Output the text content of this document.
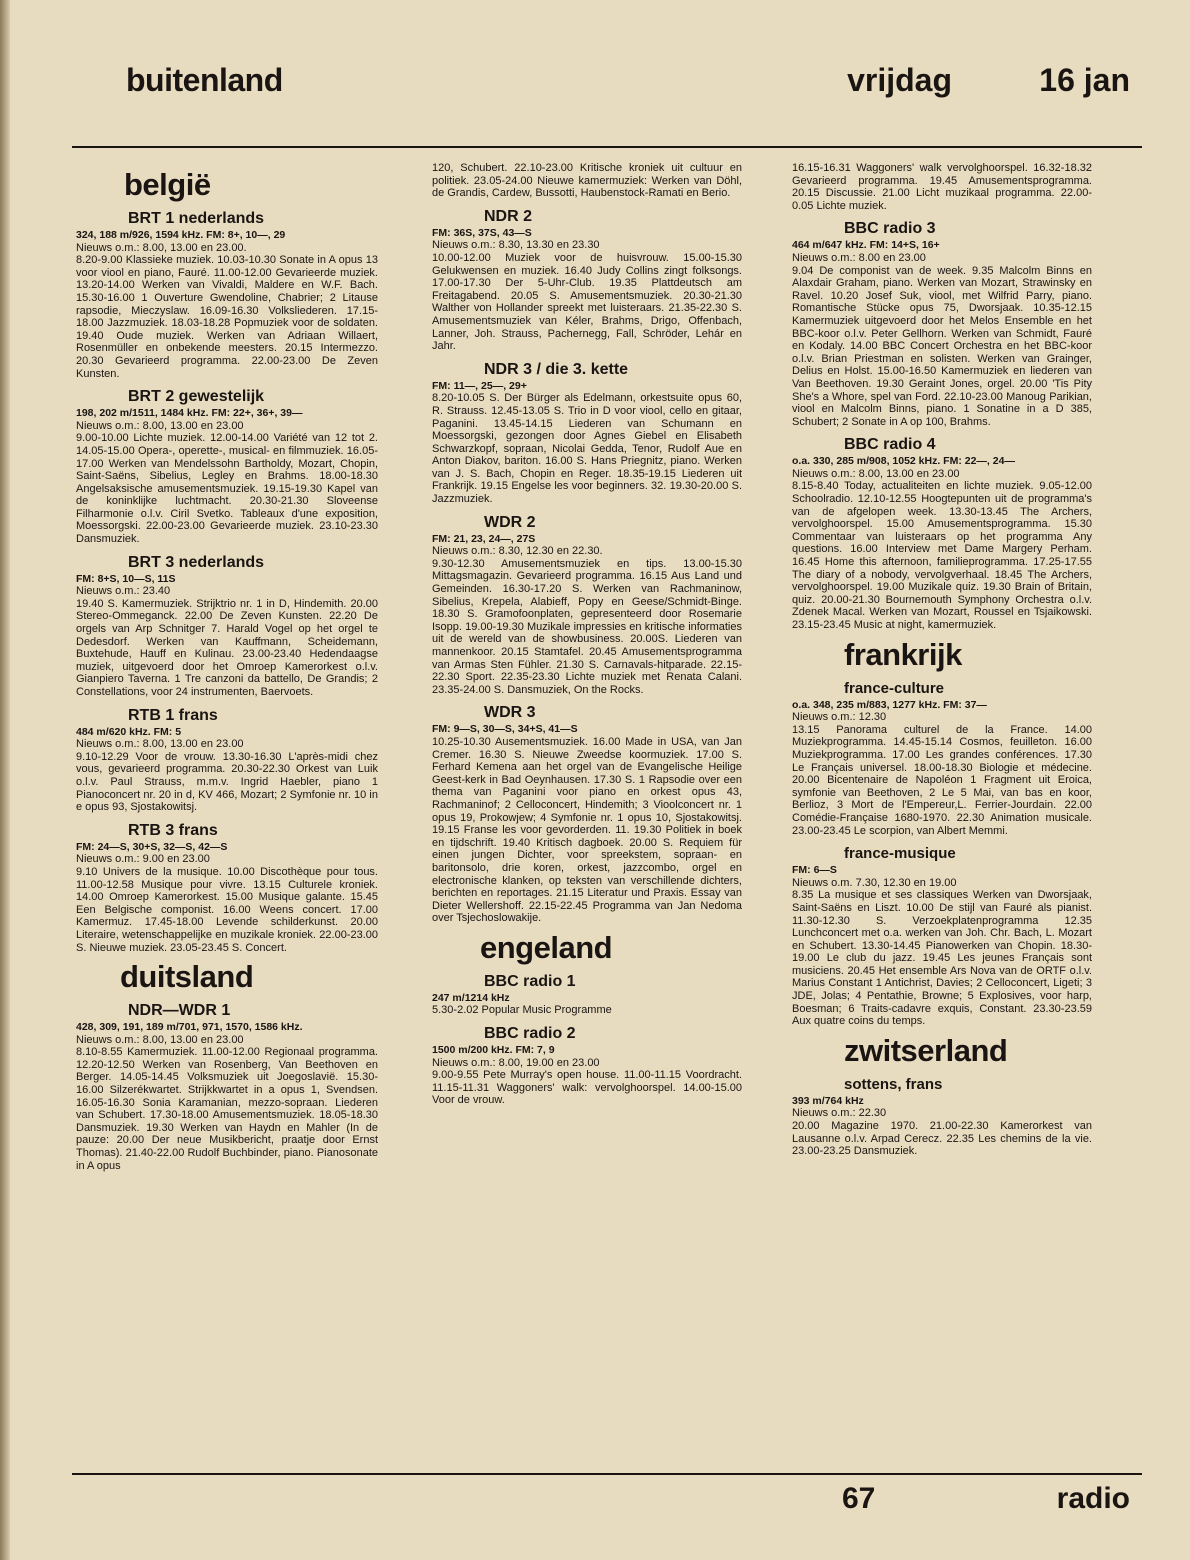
buitenland	vrijdag	16 jan
belgië
BRT 1 nederlands
324, 188 m/926, 1594 kHz. FM: 8+, 10—, 29
Nieuws o.m.: 8.00, 13.00 en 23.00.
8.20-9.00 Klassieke muziek. 10.03-10.30 Sonate in A opus 13 voor viool en piano, Fauré. 11.00-12.00 Gevarieerde muziek. 13.20-14.00 Werken van Vivaldi, Maldere en W.F. Bach. 15.30-16.00 1 Ouverture Gwendoline, Chabrier; 2 Litause rapsodie, Mieczyslaw. 16.09-16.30 Volksliederen. 17.15-18.00 Jazzmuziek. 18.03-18.28 Popmuziek voor de soldaten. 19.40 Oude muziek. Werken van Adriaan Willaert, Rosenmüller en onbekende meesters. 20.15 Intermezzo. 20.30 Gevarieerd programma. 22.00-23.00 De Zeven Kunsten.
BRT 2 gewestelijk
198, 202 m/1511, 1484 kHz. FM: 22+, 36+, 39—
Nieuws o.m.: 8.00, 13.00 en 23.00
9.00-10.00 Lichte muziek. 12.00-14.00 Variété van 12 tot 2. 14.05-15.00 Opera-, operette-, musical- en filmmuziek. 16.05-17.00 Werken van Mendelssohn Bartholdy, Mozart, Chopin, Saint-Saëns, Sibelius, Legley en Brahms. 18.00-18.30 Angelsaksische amusementsmuziek. 19.15-19.30 Kapel van de koninklijke luchtmacht. 20.30-21.30 Sloveense Filharmonie o.l.v. Ciril Svetko. Tableaux d'une exposition, Moessorgski. 22.00-23.00 Gevarieerde muziek. 23.10-23.30 Dansmuziek.
BRT 3 nederlands
FM: 8+S, 10—S, 11S
Nieuws o.m.: 23.40
19.40 S. Kamermuziek. Strijktrio nr. 1 in D, Hindemith. 20.00 Stereo-Ommeganck. 22.00 De Zeven Kunsten. 22.20 De orgels van Arp Schnitger 7. Harald Vogel op het orgel te Dedesdorf. Werken van Kauffmann, Scheidemann, Buxtehude, Hauff en Kulinau. 23.00-23.40 Hedendaagse muziek, uitgevoerd door het Omroep Kamerorkest o.l.v. Gianpiero Taverna. 1 Tre canzoni da battello, De Grandis; 2 Constellations, voor 24 instrumenten, Baervoets.
RTB 1 frans
484 m/620 kHz. FM: 5
Nieuws o.m.: 8.00, 13.00 en 23.00
9.10-12.29 Voor de vrouw. 13.30-16.30 L'après-midi chez vous, gevarieerd programma. 20.30-22.30 Orkest van Luik o.l.v. Paul Strauss, m.m.v. Ingrid Haebler, piano 1 Pianoconcert nr. 20 in d, KV 466, Mozart; 2 Symfonie nr. 10 in e opus 93, Sjostakowitsj.
RTB 3 frans
FM: 24—S, 30+S, 32—S, 42—S
Nieuws o.m.: 9.00 en 23.00
9.10 Univers de la musique. 10.00 Discothèque pour tous. 11.00-12.58 Musique pour vivre. 13.15 Culturele kroniek. 14.00 Omroep Kamerorkest. 15.00 Musique galante. 15.45 Een Belgische componist. 16.00 Weens concert. 17.00 Kamermuz. 17.45-18.00 Levende schilderkunst. 20.00 Literaire, wetenschappelijke en muzikale kroniek. 22.00-23.00 S. Nieuwe muziek. 23.05-23.45 S. Concert.
duitsland
NDR—WDR 1
428, 309, 191, 189 m/701, 971, 1570, 1586 kHz.
Nieuws o.m.: 8.00, 13.00 en 23.00
8.10-8.55 Kamermuziek. 11.00-12.00 Regionaal programma. 12.20-12.50 Werken van Rosenberg, Van Beethoven en Berger. 14.05-14.45 Volksmuziek uit Joegoslavië. 15.30-16.00 Silzerékwartet. Strijkkwartet in a opus 1, Svendsen. 16.05-16.30 Sonia Karamanian, mezzo-sopraan. Liederen van Schubert. 17.30-18.00 Amusementsmuziek. 18.05-18.30 Dansmuziek. 19.30 Werken van Haydn en Mahler (In de pauze: 20.00 Der neue Musikbericht, praatje door Ernst Thomas). 21.40-22.00 Rudolf Buchbinder, piano. Pianosonate in A opus
120, Schubert. 22.10-23.00 Kritische kroniek uit cultuur en politiek. 23.05-24.00 Nieuwe kamermuziek: Werken van Döhl, de Grandis, Cardew, Bussotti, Haubenstock-Ramati en Berio.
NDR 2
FM: 36S, 37S, 43—S
Nieuws o.m.: 8.30, 13.30 en 23.30
10.00-12.00 Muziek voor de huisvrouw. 15.00-15.30 Gelukwensen en muziek. 16.40 Judy Collins zingt folksongs. 17.00-17.30 Der 5-Uhr-Club. 19.35 Plattdeutsch am Freitagabend. 20.05 S. Amusementsmuziek. 20.30-21.30 Walther von Hollander spreekt met luisteraars. 21.35-22.30 S. Amusementsmuziek van Kéler, Brahms, Drigo, Offenbach, Lanner, Joh. Strauss, Pachernegg, Fall, Schröder, Lehár en Jahr.
NDR 3 / die 3. kette
FM: 11—, 25—, 29+
8.20-10.05 S. Der Bürger als Edelmann, orkestsuite opus 60, R. Strauss. 12.45-13.05 S. Trio in D voor viool, cello en gitaar, Paganini. 13.45-14.15 Liederen van Schumann en Moessorgski, gezongen door Agnes Giebel en Elisabeth Schwarzkopf, sopraan, Nicolai Gedda, Tenor, Rudolf Aue en Anton Diakov, bariton. 16.00 S. Hans Priegnitz, piano. Werken van J. S. Bach, Chopin en Reger. 18.35-19.15 Liederen uit Frankrijk. 19.15 Engelse les voor beginners. 32. 19.30-20.00 S. Jazzmuziek.
WDR 2
FM: 21, 23, 24—, 27S
Nieuws o.m.: 8.30, 12.30 en 22.30.
9.30-12.30 Amusementsmuziek en tips. 13.00-15.30 Mittagsmagazin. Gevarieerd programma. 16.15 Aus Land und Gemeinden. 16.30-17.20 S. Werken van Rachmaninow, Sibelius, Krepela, Alabieff, Popy en Geese/Schmidt-Binge. 18.30 S. Gramofoonplaten, gepresenteerd door Rosemarie Isopp. 19.00-19.30 Muzikale impressies en kritische informaties uit de wereld van de showbusiness. 20.00S. Liederen van mannenkoor. 20.15 Stamtafel. 20.45 Amusementsprogramma van Armas Sten Fühler. 21.30 S. Carnavals-hitparade. 22.15-22.30 Sport. 22.35-23.30 Lichte muziek met Renata Calani. 23.35-24.00 S. Dansmuziek, On the Rocks.
WDR 3
FM: 9—S, 30—S, 34+S, 41—S
10.25-10.30 Ausementsmuziek. 16.00 Made in USA, van Jan Cremer. 16.30 S. Nieuwe Zweedse koormuziek. 17.00 S. Ferhard Kemena aan het orgel van de Evangelische Heilige Geest-kerk in Bad Oeynhausen. 17.30 S. 1 Rapsodie over een thema van Paganini voor piano en orkest opus 43, Rachmaninof; 2 Celloconcert, Hindemith; 3 Vioolconcert nr. 1 opus 19, Prokowjew; 4 Symfonie nr. 1 opus 10, Sjostakowitsj. 19.15 Franse les voor gevorderden. 11. 19.30 Politiek in boek en tijdschrift. 19.40 Kritisch dagboek. 20.00 S. Requiem für einen jungen Dichter, voor spreekstem, sopraan- en baritonsolo, drie koren, orkest, jazzcombo, orgel en electronische klanken, op teksten van verschillende dichters, berichten en reportages. 21.15 Literatur und Praxis. Essay van Dieter Wellershoff. 22.15-22.45 Programma van Jan Nedoma over Tsjechoslowakije.
engeland
BBC radio 1
247 m/1214 kHz
5.30-2.02 Popular Music Programme
BBC radio 2
1500 m/200 kHz. FM: 7, 9
Nieuws o.m.: 8.00, 19.00 en 23.00
9.00-9.55 Pete Murray's open house. 11.00-11.15 Voordracht. 11.15-11.31 Waggoners' walk: vervolghoorspel. 14.00-15.00 Voor de vrouw.
16.15-16.31 Waggoners' walk vervolghoorspel. 16.32-18.32 Gevarieerd programma. 19.45 Amusementsprogramma. 20.15 Discussie. 21.00 Licht muzikaal programma. 22.00-0.05 Lichte muziek.
BBC radio 3
464 m/647 kHz. FM: 14+S, 16+
Nieuws o.m.: 8.00 en 23.00
9.04 De componist van de week. 9.35 Malcolm Binns en Alaxdair Graham, piano. Werken van Mozart, Strawinsky en Ravel. 10.20 Josef Suk, viool, met Wilfrid Parry, piano. Romantische Stücke opus 75, Dworsjaak. 10.35-12.15 Kamermuziek uitgevoerd door het Melos Ensemble en het BBC-koor o.l.v. Peter Gellhorn. Werken van Schmidt, Fauré en Kodaly. 14.00 BBC Concert Orchestra en het BBC-koor o.l.v. Brian Priestman en solisten. Werken van Grainger, Delius en Holst. 15.00-16.50 Kamermuziek en liederen van Van Beethoven. 19.30 Geraint Jones, orgel. 20.00 'Tis Pity She's a Whore, spel van Ford. 22.10-23.00 Manoug Parikian, viool en Malcolm Binns, piano. 1 Sonatine in a D 385, Schubert; 2 Sonate in A op 100, Brahms.
BBC radio 4
o.a. 330, 285 m/908, 1052 kHz. FM: 22—, 24—
Nieuws o.m.: 8.00, 13.00 en 23.00
8.15-8.40 Today, actualiteiten en lichte muziek. 9.05-12.00 Schoolradio. 12.10-12.55 Hoogtepunten uit de programma's van de afgelopen week. 13.30-13.45 The Archers, vervolghoorspel. 15.00 Amusementsprogramma. 15.30 Commentaar van luisteraars op het programma Any questions. 16.00 Interview met Dame Margery Perham. 16.45 Home this afternoon, familieprogramma. 17.25-17.55 The diary of a nobody, vervolgverhaal. 18.45 The Archers, vervolghoorspel. 19.00 Muzikale quiz. 19.30 Brain of Britain, quiz. 20.00-21.30 Bournemouth Symphony Orchestra o.l.v. Zdenek Macal. Werken van Mozart, Roussel en Tsjaikowski. 23.15-23.45 Music at night, kamermuziek.
frankrijk
france-culture
o.a. 348, 235 m/883, 1277 kHz. FM: 37—
Nieuws o.m.: 12.30
13.15 Panorama culturel de la France. 14.00 Muziekprogramma. 14.45-15.14 Cosmos, feuilleton. 16.00 Muziekprogramma. 17.00 Les grandes conférences. 17.30 Le Français universel. 18.00-18.30 Biologie et médecine. 20.00 Bicentenaire de Napoléon 1 Fragment uit Eroica, symfonie van Beethoven, 2 Le 5 Mai, van bas en koor, Berlioz, 3 Mort de l'Empereur,L. Ferrier-Jourdain. 22.00 Comédie-Française 1680-1970. 22.30 Animation musicale. 23.00-23.45 Le scorpion, van Albert Memmi.
france-musique
FM: 6—S
Nieuws o.m. 7.30, 12.30 en 19.00
8.35 La musique et ses classiques Werken van Dworsjaak, Saint-Saëns en Liszt. 10.00 De stijl van Fauré als pianist. 11.30-12.30 S. Verzoekplatenprogramma 12.35 Lunchconcert met o.a. werken van Joh. Chr. Bach, L. Mozart en Schubert. 13.30-14.45 Pianowerken van Chopin. 18.30-19.00 Le club du jazz. 19.45 Les jeunes Français sont musiciens. 20.45 Het ensemble Ars Nova van de ORTF o.l.v. Marius Constant 1 Antichrist, Davies; 2 Celloconcert, Ligeti; 3 JDE, Jolas; 4 Pentathie, Browne; 5 Explosives, voor harp, Boesman; 6 Traits-cadavre exquis, Constant. 23.30-23.59 Aux quatre coins du temps.
zwitserland
sottens, frans
393 m/764 kHz
Nieuws o.m.: 22.30
20.00 Magazine 1970. 21.00-22.30 Kamerorkest van Lausanne o.l.v. Arpad Cerecz. 22.35 Les chemins de la vie. 23.00-23.25 Dansmuziek.
67	radio
